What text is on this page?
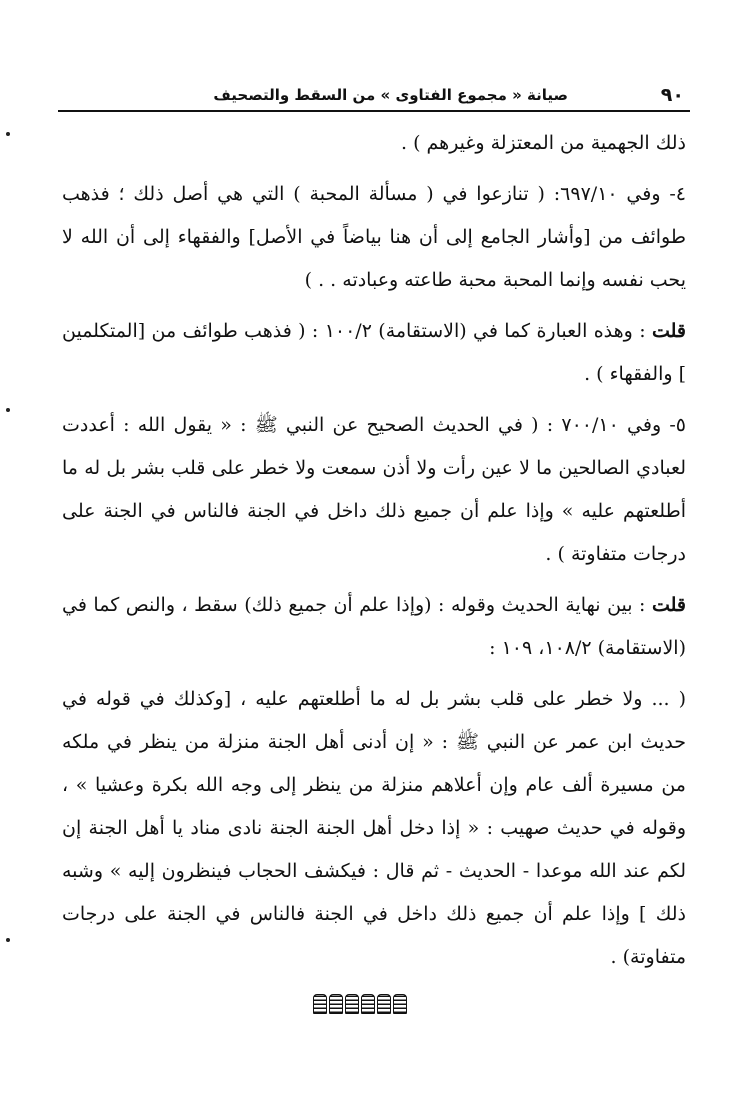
٩٠
صيانة « مجموع الفتاوى » من السقط والتصحيف

ذلك الجهمية من المعتزلة وغيرهم ) .

٤- وفي ٦٩٧/١٠: ( تنازعوا في ( مسألة المحبة ) التي هي أصل ذلك ؛ فذهب طوائف من [وأشار الجامع إلى أن هنا بياضاً في الأصل] والفقهاء إلى أن الله لا يحب نفسه وإنما المحبة محبة طاعته وعبادته . . )

قلت : وهذه العبارة كما في (الاستقامة) ١٠٠/٢ : ( فذهب طوائف من [المتكلمين ] والفقهاء ) .

٥- وفي ٧٠٠/١٠ : ( في الحديث الصحيح عن النبي ﷺ : « يقول الله : أعددت لعبادي الصالحين ما لا عين رأت ولا أذن سمعت ولا خطر على قلب بشر بل له ما أطلعتهم عليه » وإذا علم أن جميع ذلك داخل في الجنة فالناس في الجنة على درجات متفاوتة ) .

قلت : بين نهاية الحديث وقوله : (وإذا علم أن جميع ذلك) سقط ، والنص كما في (الاستقامة) ١٠٨/٢، ١٠٩ :

( ... ولا خطر على قلب بشر بل له ما أطلعتهم عليه ، [وكذلك في قوله في حديث ابن عمر عن النبي ﷺ : « إن أدنى أهل الجنة منزلة من ينظر في ملكه من مسيرة ألف عام وإن أعلاهم منزلة من ينظر إلى وجه الله بكرة وعشيا » ، وقوله في حديث صهيب : « إذا دخل أهل الجنة الجنة نادى مناد يا أهل الجنة إن لكم عند الله موعدا - الحديث - ثم قال : فيكشف الحجاب فينظرون إليه » وشبه ذلك ] وإذا علم أن جميع ذلك داخل في الجنة فالناس في الجنة على درجات متفاوتة) .
